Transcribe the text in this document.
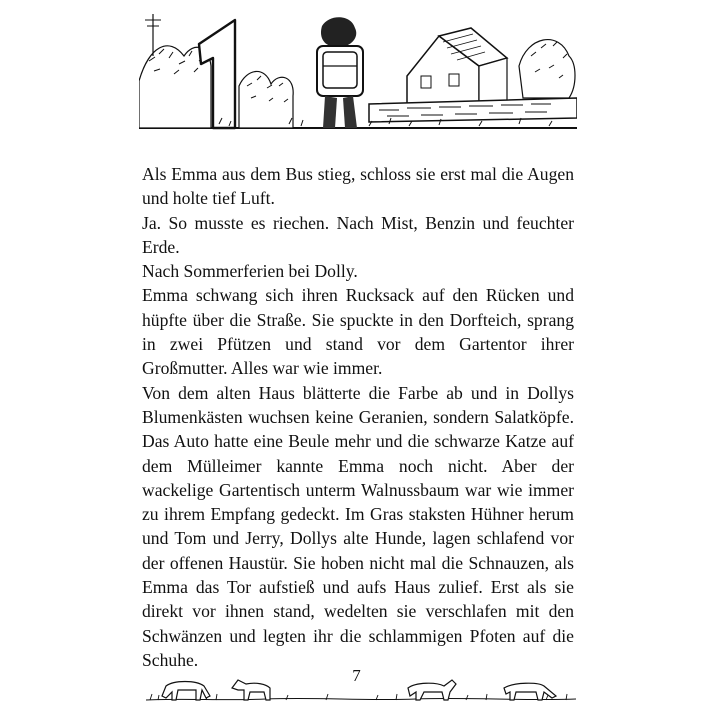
Als Emma aus dem Bus stieg, schloss sie erst mal die Augen und holte tief Luft.

Ja. So musste es riechen. Nach Mist, Benzin und feuchter Erde.

Nach Sommerferien bei Dolly.

Emma schwang sich ihren Rucksack auf den Rücken und hüpfte über die Straße. Sie spuckte in den Dorfteich, sprang in zwei Pfützen und stand vor dem Gartentor ihrer Großmutter. Alles war wie immer.

Von dem alten Haus blätterte die Farbe ab und in Dollys Blumenkästen wuchsen keine Geranien, sondern Salatköpfe. Das Auto hatte eine Beule mehr und die schwarze Katze auf dem Mülleimer kannte Emma noch nicht. Aber der wackelige Gartentisch unterm Walnussbaum war wie immer zu ihrem Empfang gedeckt. Im Gras staksten Hühner herum und Tom und Jerry, Dollys alte Hunde, lagen schlafend vor der offenen Haustür. Sie hoben nicht mal die Schnauzen, als Emma das Tor aufstieß und aufs Haus zulief. Erst als sie direkt vor ihnen stand, wedelten sie verschlafen mit den Schwänzen und legten ihr die schlammigen Pfoten auf die Schuhe.

7
